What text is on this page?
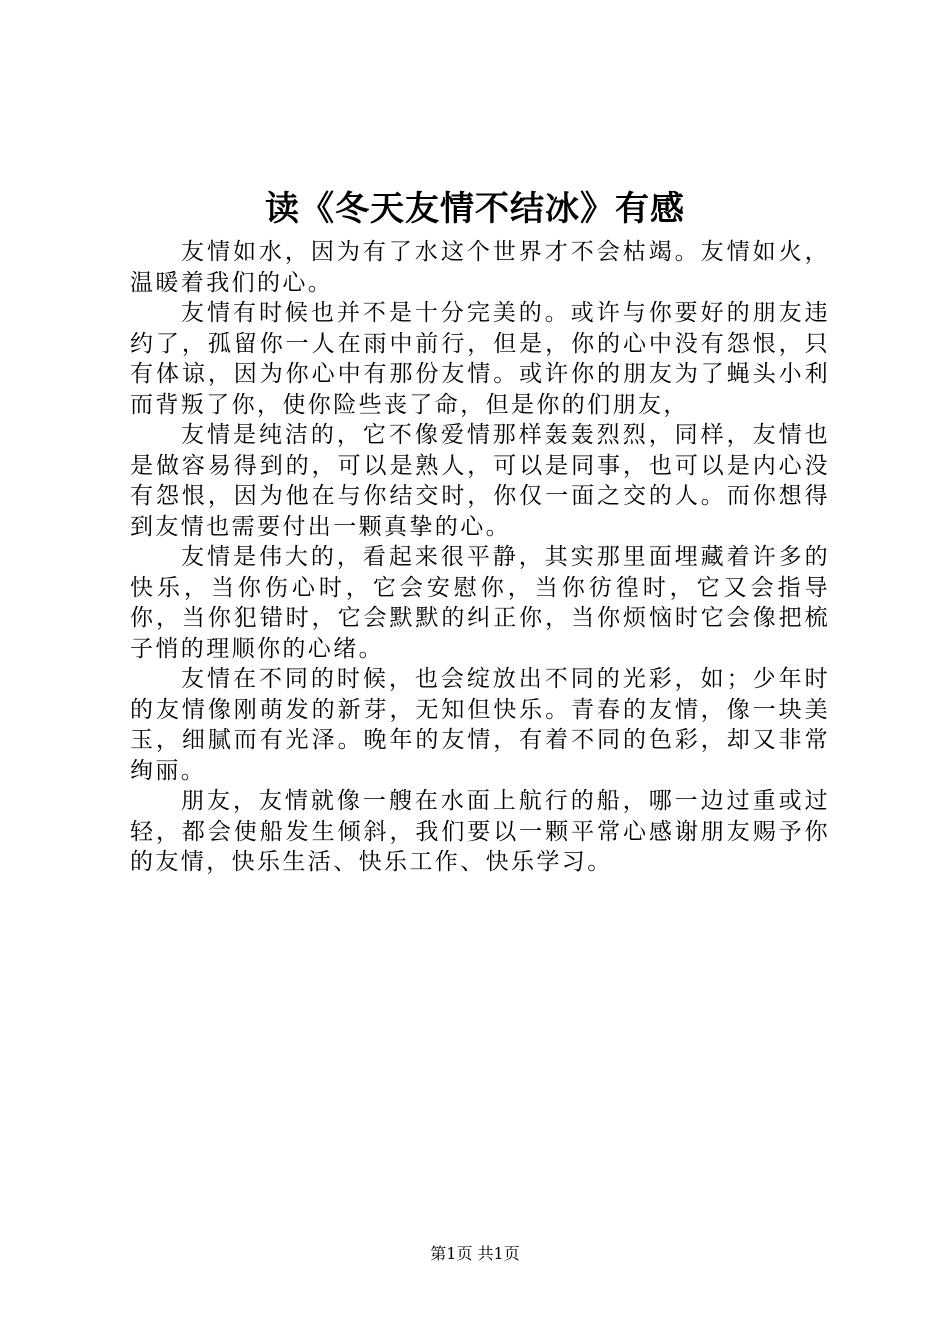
读《冬天友情不结冰》有感

友情如水，因为有了水这个世界才不会枯竭。友情如火，温暖着我们的心。

友情有时候也并不是十分完美的。或许与你要好的朋友违约了，孤留你一人在雨中前行，但是，你的心中没有怨恨，只有体谅，因为你心中有那份友情。或许你的朋友为了蝇头小利而背叛了你，使你险些丧了命，但是你的们朋友，

友情是纯洁的，它不像爱情那样轰轰烈烈，同样，友情也是做容易得到的，可以是熟人，可以是同事，也可以是内心没有怨恨，因为他在与你结交时，你仅一面之交的人。而你想得到友情也需要付出一颗真挚的心。

友情是伟大的，看起来很平静，其实那里面埋藏着许多的快乐，当你伤心时，它会安慰你，当你彷徨时，它又会指导你，当你犯错时，它会默默的纠正你，当你烦恼时它会像把梳子悄的理顺你的心绪。

友情在不同的时候，也会绽放出不同的光彩，如；少年时的友情像刚萌发的新芽，无知但快乐。青春的友情，像一块美玉，细腻而有光泽。晚年的友情，有着不同的色彩，却又非常绚丽。

朋友，友情就像一艘在水面上航行的船，哪一边过重或过轻，都会使船发生倾斜，我们要以一颗平常心感谢朋友赐予你的友情，快乐生活、快乐工作、快乐学习。

第1页 共1页
